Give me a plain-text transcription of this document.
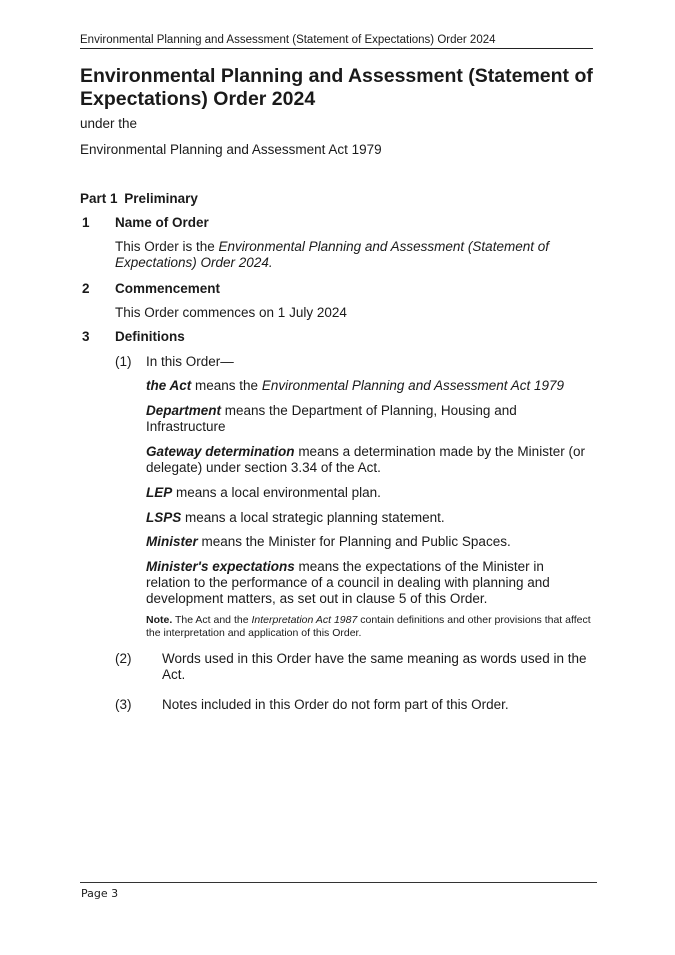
Environmental Planning and Assessment (Statement of Expectations) Order 2024
Environmental Planning and Assessment (Statement of Expectations) Order 2024
under the
Environmental Planning and Assessment Act 1979
Part 1 Preliminary
1 Name of Order
This Order is the Environmental Planning and Assessment (Statement of Expectations) Order 2024.
2 Commencement
This Order commences on 1 July 2024
3 Definitions
(1) In this Order—
the Act means the Environmental Planning and Assessment Act 1979
Department means the Department of Planning, Housing and Infrastructure
Gateway determination means a determination made by the Minister (or delegate) under section 3.34 of the Act.
LEP means a local environmental plan.
LSPS means a local strategic planning statement.
Minister means the Minister for Planning and Public Spaces.
Minister's expectations means the expectations of the Minister in relation to the performance of a council in dealing with planning and development matters, as set out in clause 5 of this Order.
Note. The Act and the Interpretation Act 1987 contain definitions and other provisions that affect the interpretation and application of this Order.
(2) Words used in this Order have the same meaning as words used in the Act.
(3) Notes included in this Order do not form part of this Order.
Page 3
